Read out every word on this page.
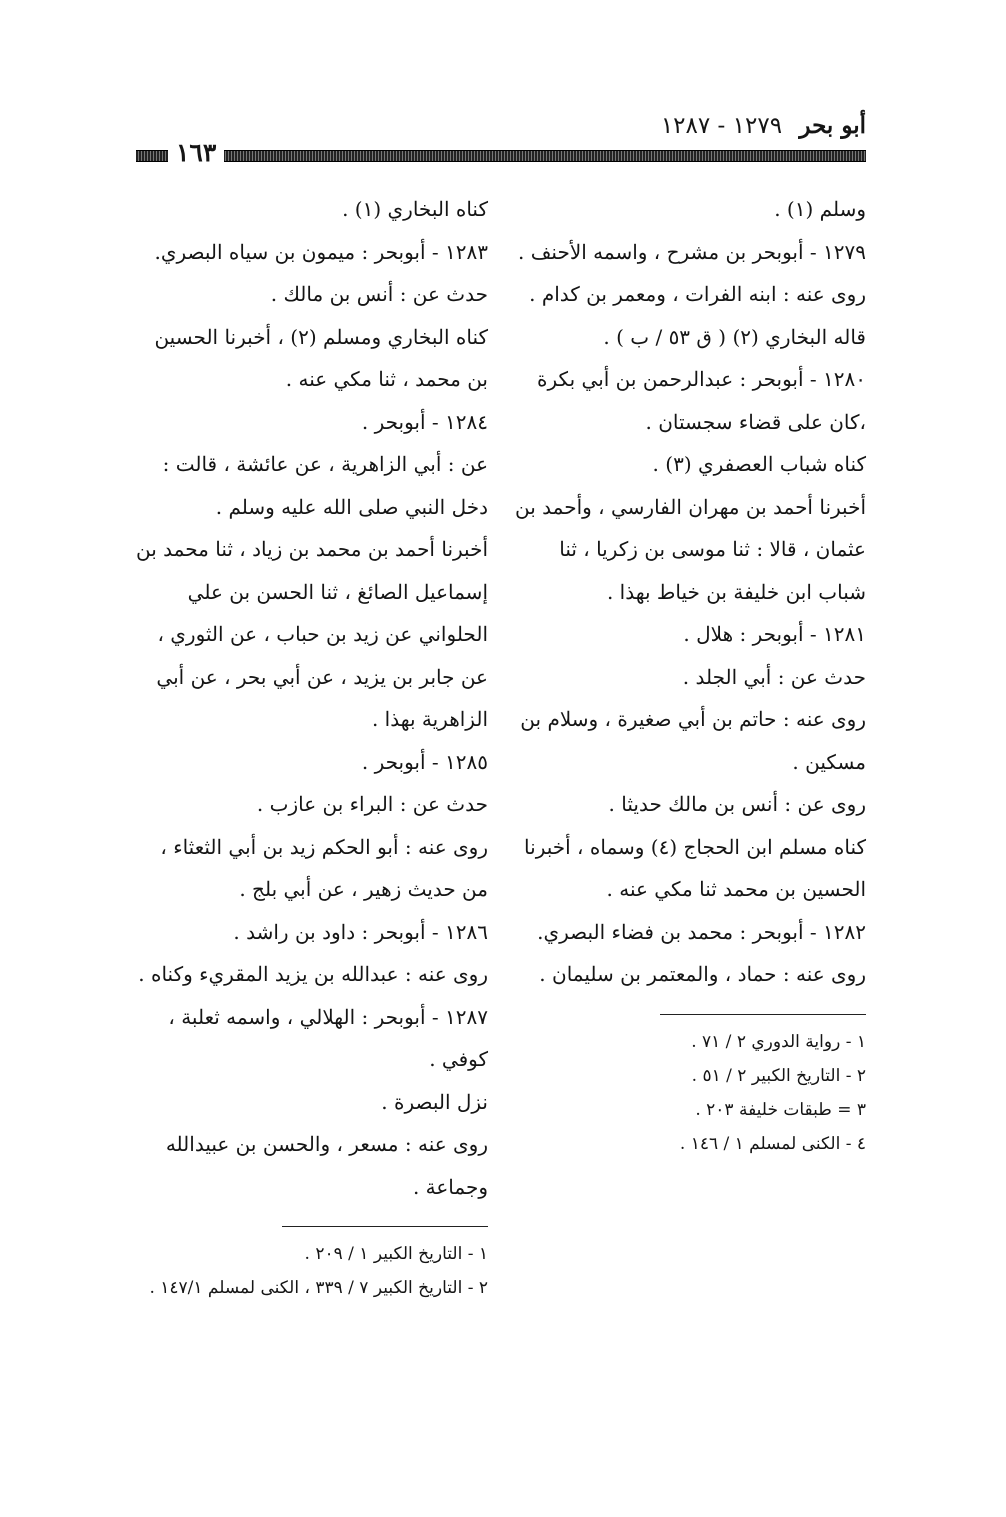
أبو بحر ١٢٧٩ - ١٢٨٧
١٦٣

وسلم (١) .

١٢٧٩ - أبوبحر بن مشرح ، واسمه الأحنف .

روى عنه : ابنه الفرات ، ومعمر بن كدام .

قاله البخاري (٢) ( ق ٥٣ / ب ) .

١٢٨٠ - أبوبحر : عبدالرحمن بن أبي بكرة ،كان على قضاء سجستان .

كناه شباب العصفري (٣) .

أخبرنا أحمد بن مهران الفارسي ، وأحمد بن عثمان ، قالا : ثنا موسى بن زكريا ، ثنا شباب ابن خليفة بن خياط بهذا .

١٢٨١ - أبوبحر : هلال .

حدث عن : أبي الجلد .

روى عنه : حاتم بن أبي صغيرة ، وسلام بن مسكين .

روى عن : أنس بن مالك حديثا .

كناه مسلم ابن الحجاج (٤) وسماه ، أخبرنا الحسين بن محمد ثنا مكي عنه .

١٢٨٢ - أبوبحر : محمد بن فضاء البصري.

روى عنه : حماد ، والمعتمر بن سليمان .

١ - رواية الدوري ٢ / ٧١ .

٢ - التاريخ الكبير ٢ / ٥١ .

٣ = طبقات خليفة ٢٠٣ .

٤ - الكنى لمسلم ١ / ١٤٦ .

كناه البخاري (١) .

١٢٨٣ - أبوبحر : ميمون بن سياه البصري.

حدث عن : أنس بن مالك .

كناه البخاري ومسلم (٢) ، أخبرنا الحسين بن محمد ، ثنا مكي عنه .

١٢٨٤ - أبوبحر .

عن : أبي الزاهرية ، عن عائشة ، قالت : دخل النبي صلى الله عليه وسلم .

أخبرنا أحمد بن محمد بن زياد ، ثنا محمد بن إسماعيل الصائغ ، ثنا الحسن بن علي الحلواني عن زيد بن حباب ، عن الثوري ، عن جابر بن يزيد ، عن أبي بحر ، عن أبي الزاهرية بهذا .

١٢٨٥ - أبوبحر .

حدث عن : البراء بن عازب .

روى عنه : أبو الحكم زيد بن أبي الثعثاء ، من حديث زهير ، عن أبي بلج .

١٢٨٦ - أبوبحر : داود بن راشد .

روى عنه : عبدالله بن يزيد المقريء وكناه .

١٢٨٧ - أبوبحر : الهلالي ، واسمه ثعلبة ، كوفي .

نزل البصرة .

روى عنه : مسعر ، والحسن بن عبيدالله وجماعة .

١ - التاريخ الكبير ١ / ٢٠٩ .

٢ - التاريخ الكبير ٧ / ٣٣٩ ، الكنى لمسلم ١٤٧/١ .
